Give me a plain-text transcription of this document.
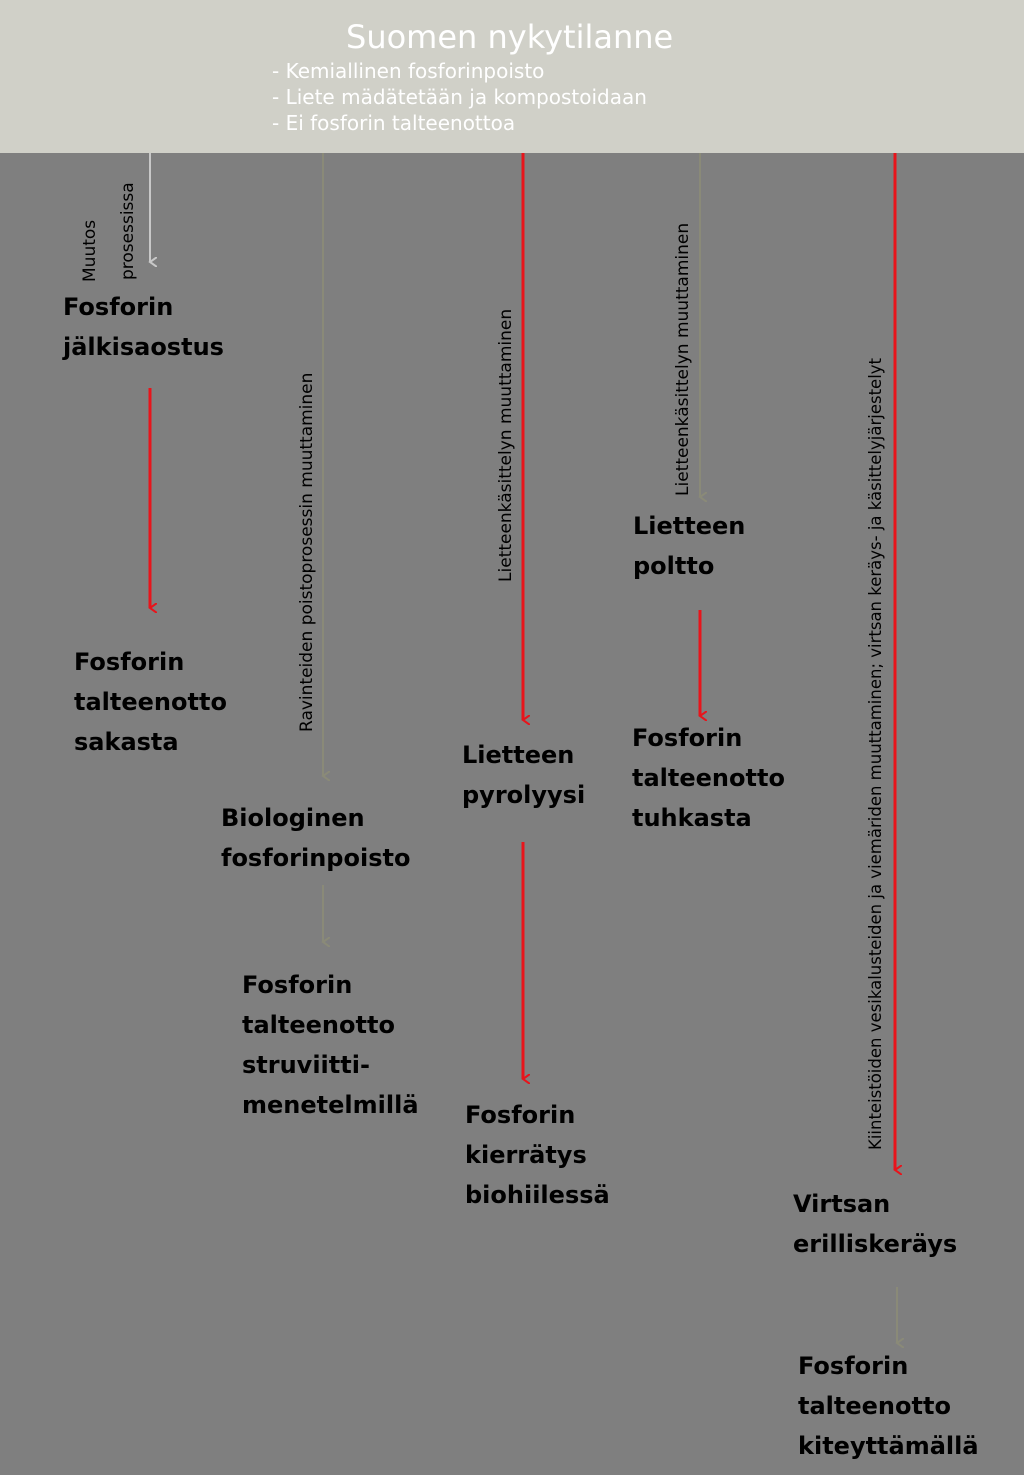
Suomen nykytilanne
- Kemiallinen fosforinpoisto
- Liete mädätetään ja kompostoidaan
- Ei fosforin talteenottoa
Muutos prosessissa
Ravinteiden poistoprosessin muuttaminen	Lietteenkäsittelyn muuttaminen	Lietteenkäsittelyn muuttaminen	Kiinteistöiden vesikalusteiden ja viemäriden muuttaminen; virtsan keräys- ja käsittelyjärjestelyt
Fosforin
jälkisaostus
Fosforin
talteenotto
sakasta
Biologinen
fosforinpoisto
Fosforin
talteenotto
struviitti-
menetelmillä
Lietteen
pyrolyysi
Fosforin
kierrätys
biohiilessä
Lietteen
poltto
Fosforin
talteenotto
tuhkasta
Virtsan
erilliskeräys
Fosforin
talteenotto
kiteyttämällä
